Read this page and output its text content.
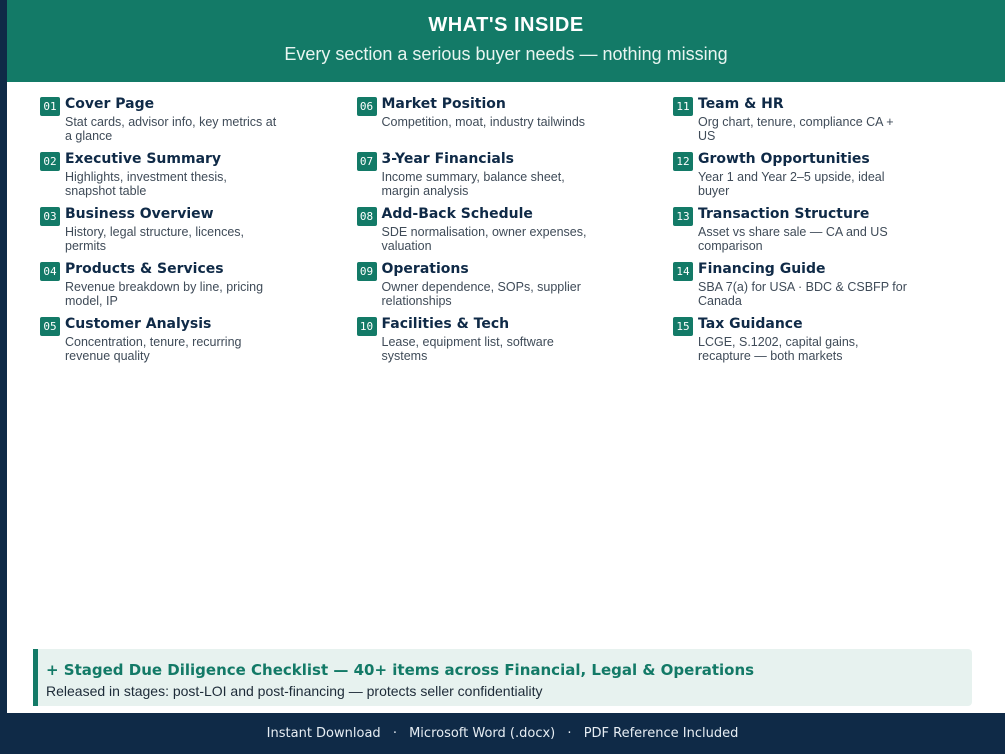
WHAT'S INSIDE
Every section a serious buyer needs — nothing missing
01 Cover Page
Stat cards, advisor info, key metrics at a glance
02 Executive Summary
Highlights, investment thesis, snapshot table
03 Business Overview
History, legal structure, licences, permits
04 Products & Services
Revenue breakdown by line, pricing model, IP
05 Customer Analysis
Concentration, tenure, recurring revenue quality
06 Market Position
Competition, moat, industry tailwinds
07 3-Year Financials
Income summary, balance sheet, margin analysis
08 Add-Back Schedule
SDE normalisation, owner expenses, valuation
09 Operations
Owner dependence, SOPs, supplier relationships
10 Facilities & Tech
Lease, equipment list, software systems
11 Team & HR
Org chart, tenure, compliance CA + US
12 Growth Opportunities
Year 1 and Year 2–5 upside, ideal buyer
13 Transaction Structure
Asset vs share sale — CA and US comparison
14 Financing Guide
SBA 7(a) for USA · BDC & CSBFP for Canada
15 Tax Guidance
LCGE, S.1202, capital gains, recapture — both markets
+ Staged Due Diligence Checklist — 40+ items across Financial, Legal & Operations
Released in stages: post-LOI and post-financing — protects seller confidentiality
Instant Download · Microsoft Word (.docx) · PDF Reference Included
